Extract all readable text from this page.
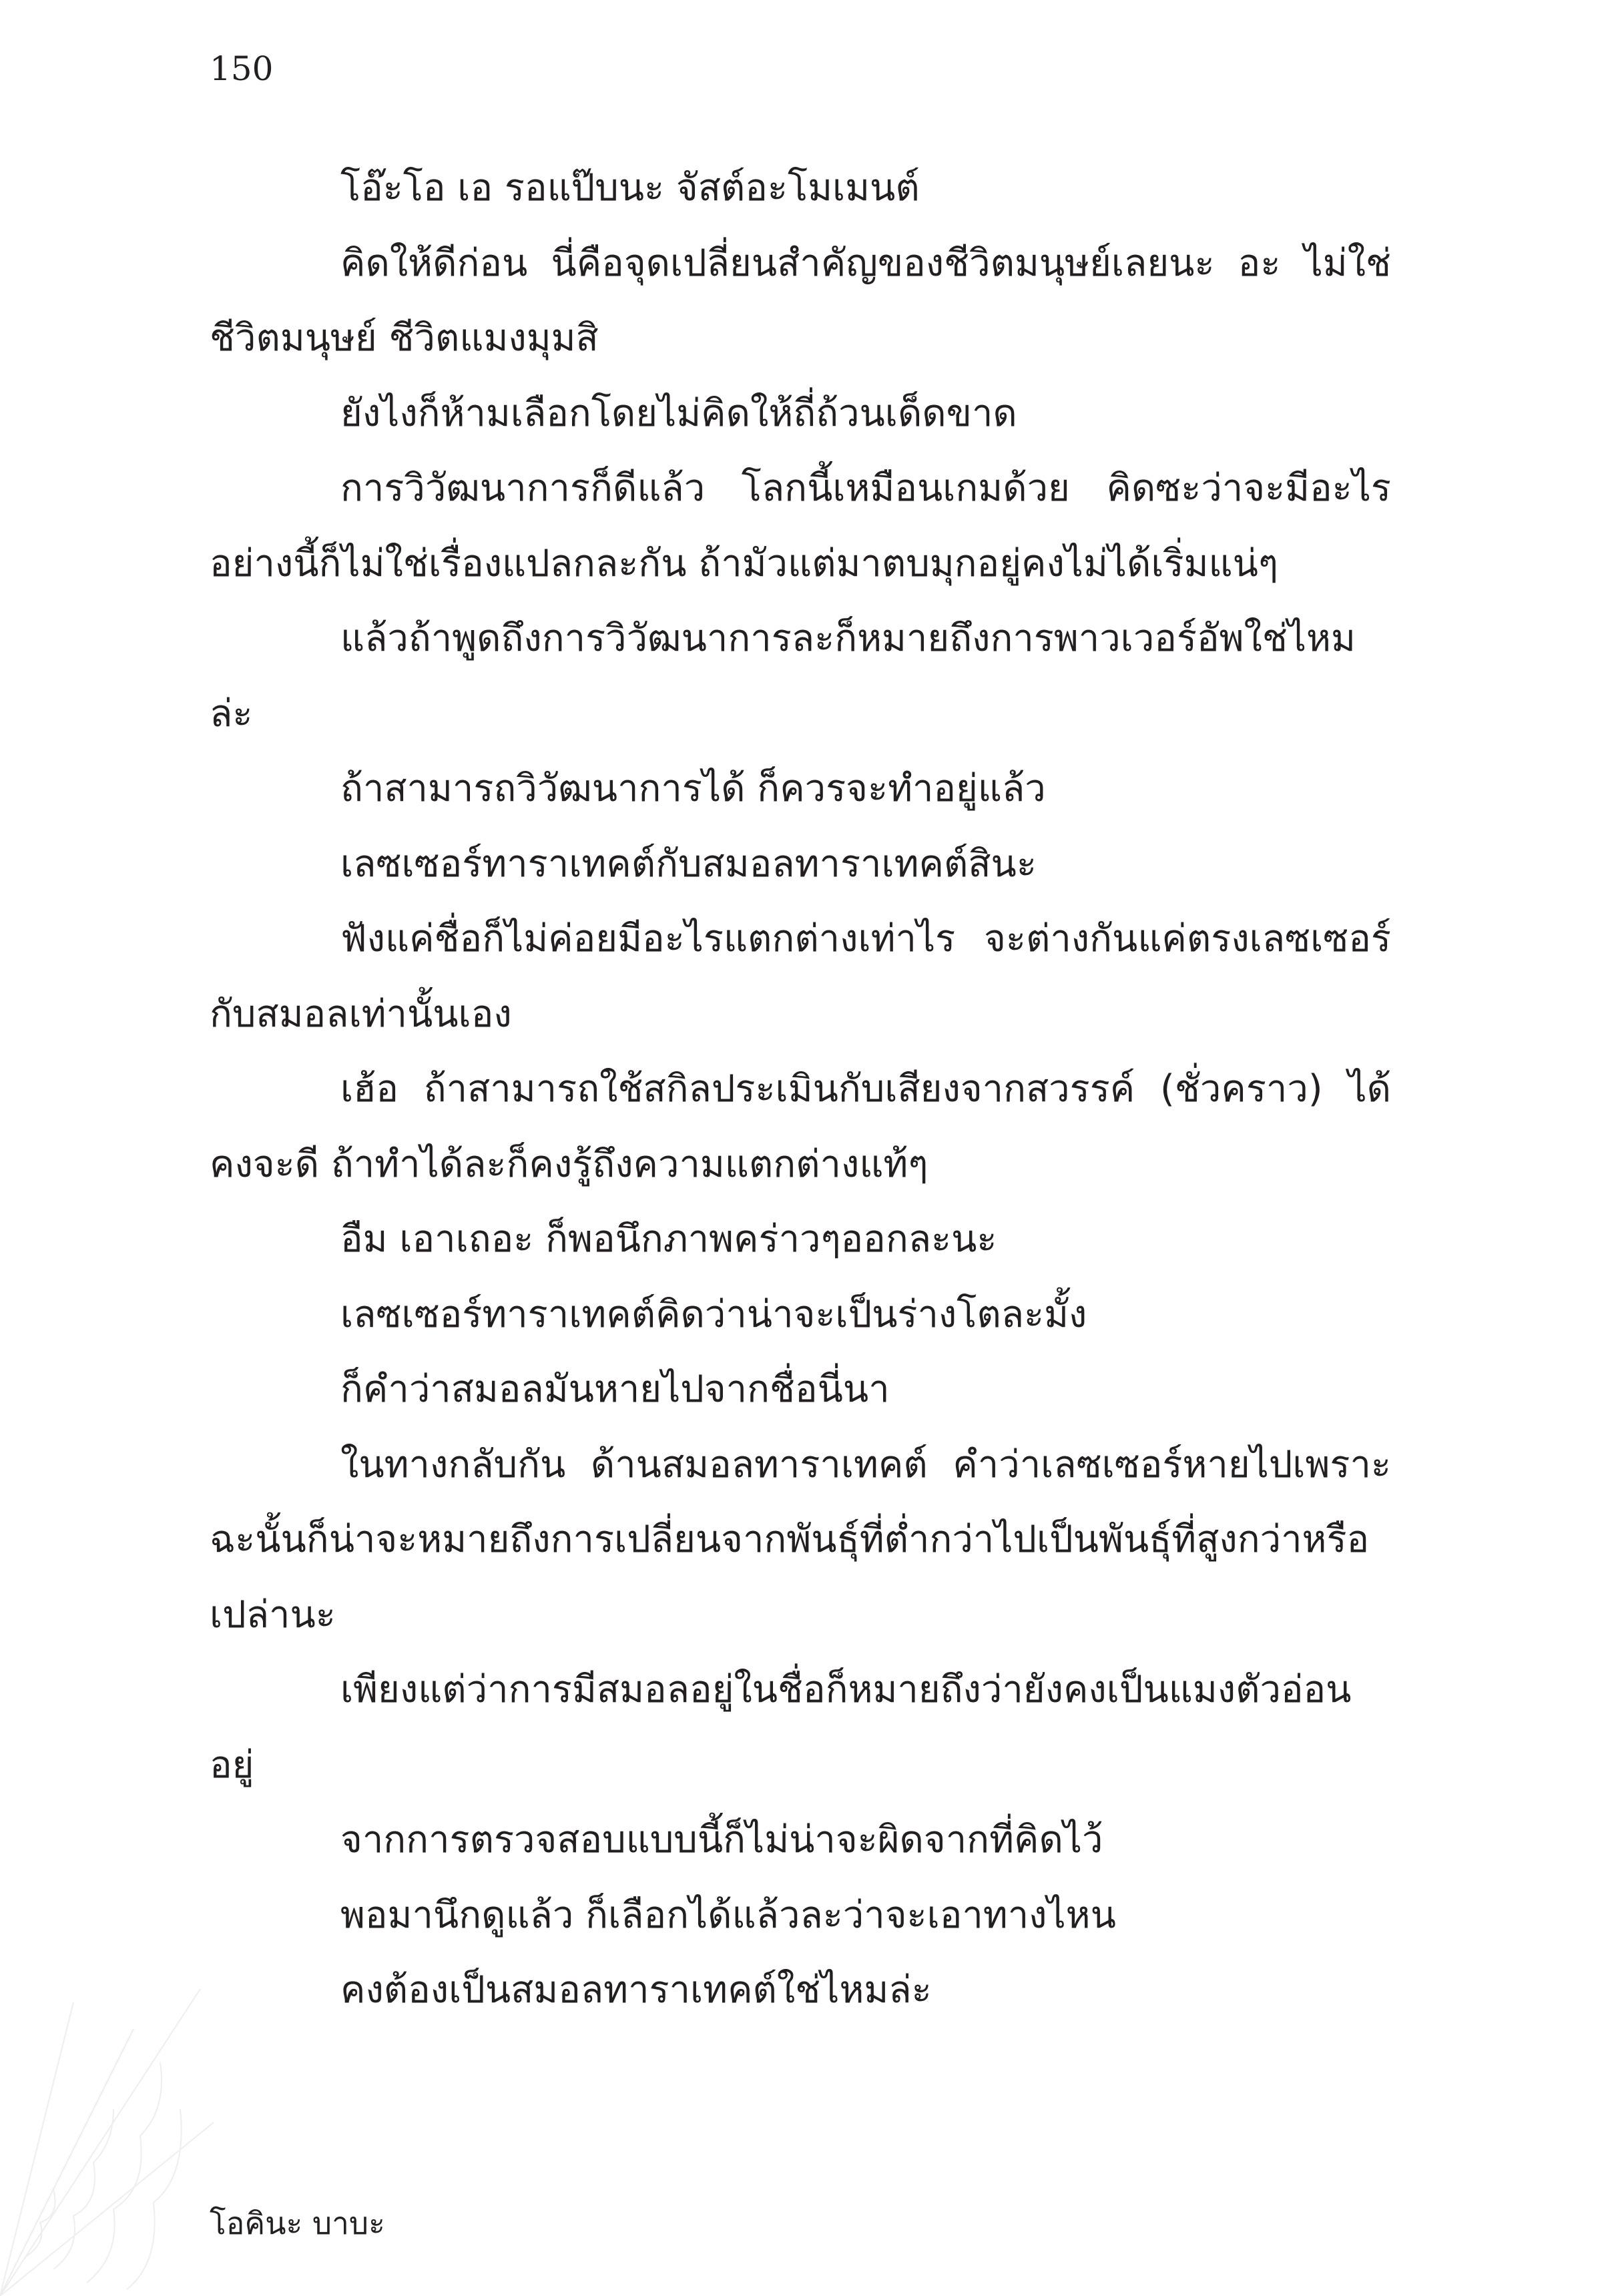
150

โอ๊ะโอ เอ รอแป๊บนะ จัสต์อะโมเมนต์

คิดให้ดีก่อน นี่คือจุดเปลี่ยนสำคัญของชีวิตมนุษย์เลยนะ อะ ไม่ใช่ชีวิตมนุษย์ ชีวิตแมงมุมสิ

ยังไงก็ห้ามเลือกโดยไม่คิดให้ถี่ถ้วนเด็ดขาด

การวิวัฒนาการก็ดีแล้ว โลกนี้เหมือนเกมด้วย คิดซะว่าจะมีอะไรอย่างนี้ก็ไม่ใช่เรื่องแปลกละกัน ถ้ามัวแต่มาตบมุกอยู่คงไม่ได้เริ่มแน่ๆ

แล้วถ้าพูดถึงการวิวัฒนาการละก็หมายถึงการพาวเวอร์อัพใช่ไหมล่ะ

ถ้าสามารถวิวัฒนาการได้ ก็ควรจะทำอยู่แล้ว

เลซเซอร์ทาราเทคต์กับสมอลทาราเทคต์สินะ

ฟังแค่ชื่อก็ไม่ค่อยมีอะไรแตกต่างเท่าไร จะต่างกันแค่ตรงเลซเซอร์กับสมอลเท่านั้นเอง

เฮ้อ ถ้าสามารถใช้สกิลประเมินกับเสียงจากสวรรค์ (ชั่วคราว) ได้คงจะดี ถ้าทำได้ละก็คงรู้ถึงความแตกต่างแท้ๆ

อืม เอาเถอะ ก็พอนึกภาพคร่าวๆออกละนะ

เลซเซอร์ทาราเทคต์คิดว่าน่าจะเป็นร่างโตละมั้ง

ก็คำว่าสมอลมันหายไปจากชื่อนี่นา

ในทางกลับกัน ด้านสมอลทาราเทคต์ คำว่าเลซเซอร์หายไปเพราะฉะนั้นก็น่าจะหมายถึงการเปลี่ยนจากพันธุ์ที่ต่ำกว่าไปเป็นพันธุ์ที่สูงกว่าหรือเปล่านะ

เพียงแต่ว่าการมีสมอลอยู่ในชื่อก็หมายถึงว่ายังคงเป็นแมงตัวอ่อนอยู่

จากการตรวจสอบแบบนี้ก็ไม่น่าจะผิดจากที่คิดไว้

พอมานึกดูแล้ว ก็เลือกได้แล้วละว่าจะเอาทางไหน

คงต้องเป็นสมอลทาราเทคต์ใช่ไหมล่ะ

โอคินะ บาบะ
